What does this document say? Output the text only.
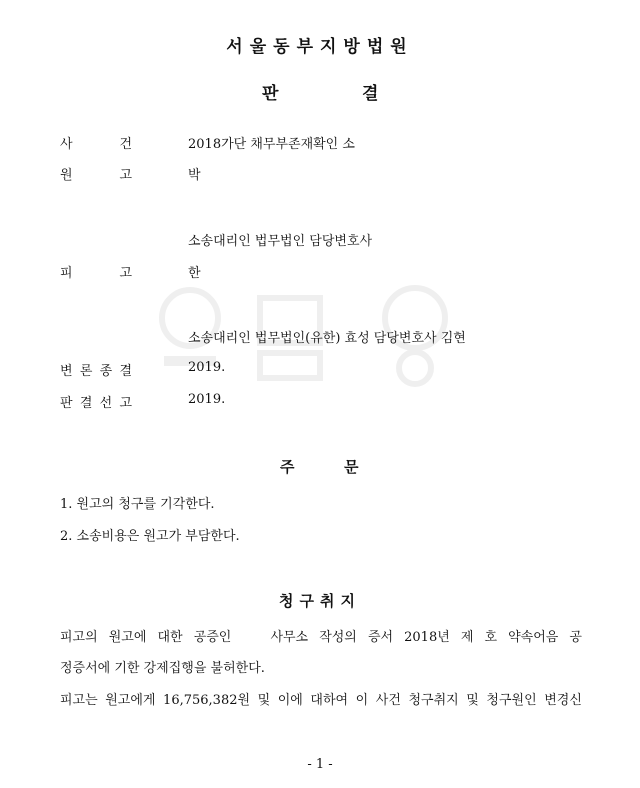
서울동부지방법원
판	결
사	건	2018가단 채무부존재확인 소
원	고	박
소송대리인 법무법인 담당변호사
피	고	한
소송대리인 법무법인(유한) 효성 담당변호사 김현
변 론 종 결	2019.
판 결 선 고	2019.
주	문
1. 원고의 청구를 기각한다.
2. 소송비용은 원고가 부담한다.
청구취지
피고의 원고에 대한 공증인	사무소 작성의 증서 2018년 제 호 약속어음 공
정증서에 기한 강제집행을 불허한다.
피고는 원고에게 16,756,382원 및 이에 대하여 이 사건 청구취지 및 청구원인 변경신
- 1 -
